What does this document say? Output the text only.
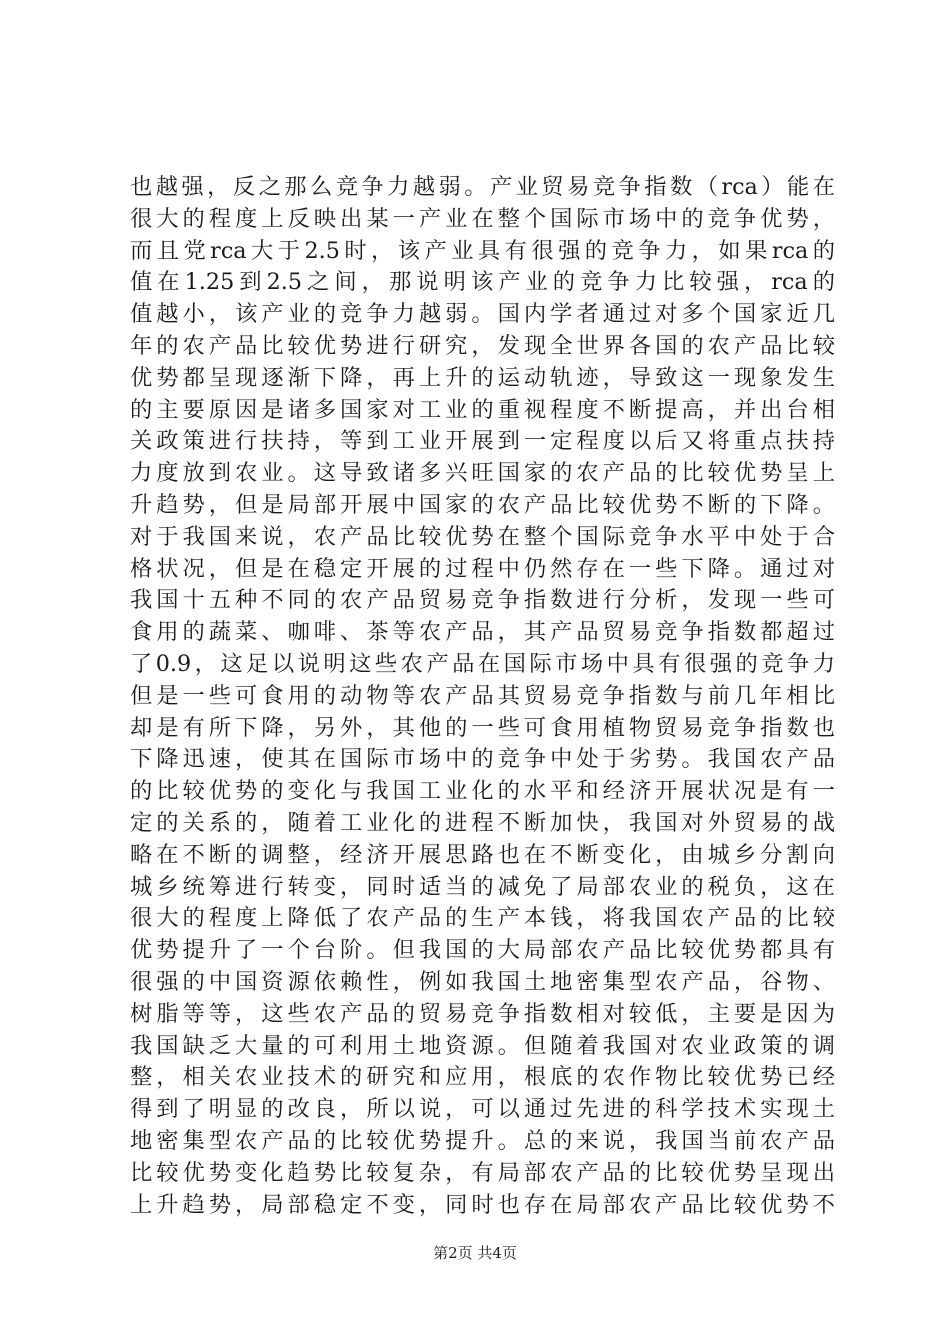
也越强，反之那么竞争力越弱。产业贸易竞争指数（rca）能在
很大的程度上反映出某一产业在整个国际市场中的竞争优势，
而且党rca大于2.5时，该产业具有很强的竞争力，如果rca的
值在1.25到2.5之间，那说明该产业的竞争力比较强，rca的
值越小，该产业的竞争力越弱。国内学者通过对多个国家近几
年的农产品比较优势进行研究，发现全世界各国的农产品比较
优势都呈现逐渐下降，再上升的运动轨迹，导致这一现象发生
的主要原因是诸多国家对工业的重视程度不断提高，并出台相
关政策进行扶持，等到工业开展到一定程度以后又将重点扶持
力度放到农业。这导致诸多兴旺国家的农产品的比较优势呈上
升趋势，但是局部开展中国家的农产品比较优势不断的下降。
对于我国来说，农产品比较优势在整个国际竞争水平中处于合
格状况，但是在稳定开展的过程中仍然存在一些下降。通过对
我国十五种不同的农产品贸易竞争指数进行分析，发现一些可
食用的蔬菜、咖啡、茶等农产品，其产品贸易竞争指数都超过
了0.9，这足以说明这些农产品在国际市场中具有很强的竞争力
但是一些可食用的动物等农产品其贸易竞争指数与前几年相比
却是有所下降，另外，其他的一些可食用植物贸易竞争指数也
下降迅速，使其在国际市场中的竞争中处于劣势。我国农产品
的比较优势的变化与我国工业化的水平和经济开展状况是有一
定的关系的，随着工业化的进程不断加快，我国对外贸易的战
略在不断的调整，经济开展思路也在不断变化，由城乡分割向
城乡统筹进行转变，同时适当的减免了局部农业的税负，这在
很大的程度上降低了农产品的生产本钱，将我国农产品的比较
优势提升了一个台阶。但我国的大局部农产品比较优势都具有
很强的中国资源依赖性，例如我国土地密集型农产品，谷物、
树脂等等，这些农产品的贸易竞争指数相对较低，主要是因为
我国缺乏大量的可利用土地资源。但随着我国对农业政策的调
整，相关农业技术的研究和应用，根底的农作物比较优势已经
得到了明显的改良，所以说，可以通过先进的科学技术实现土
地密集型农产品的比较优势提升。总的来说，我国当前农产品
比较优势变化趋势比较复杂，有局部农产品的比较优势呈现出
上升趋势，局部稳定不变，同时也存在局部农产品比较优势不
第2页 共4页
